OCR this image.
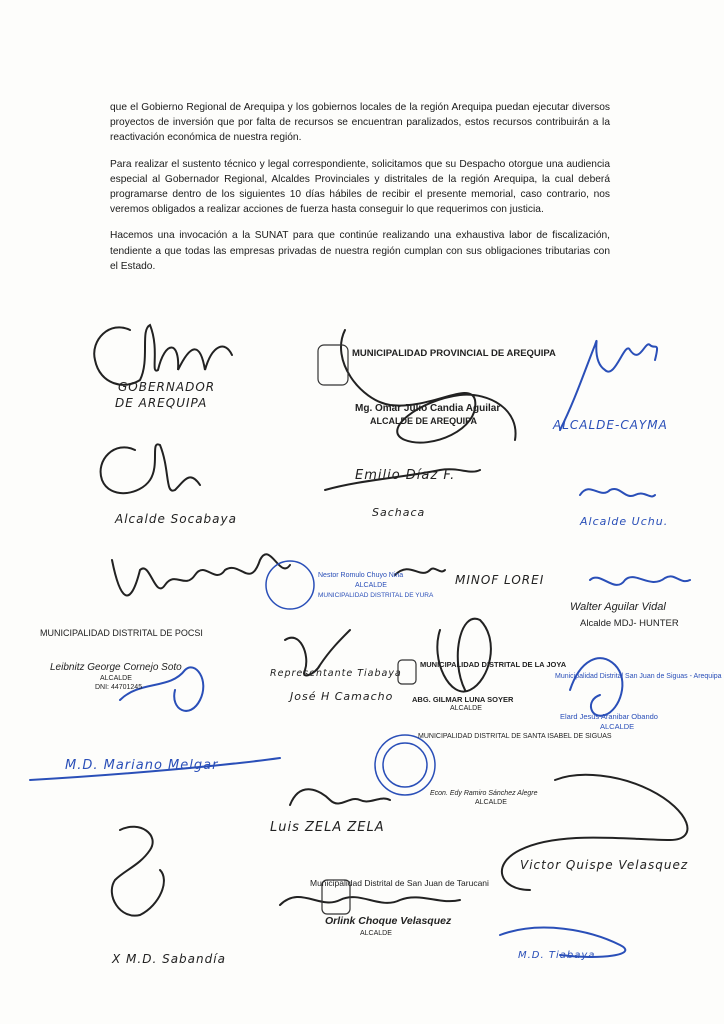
que el Gobierno Regional de Arequipa y los gobiernos locales de la región Arequipa puedan ejecutar diversos proyectos de inversión que por falta de recursos se encuentran paralizados, estos recursos contribuirán a la reactivación económica de nuestra región.

Para realizar el sustento técnico y legal correspondiente, solicitamos que su Despacho otorgue una audiencia especial al Gobernador Regional, Alcaldes Provinciales y distritales de la región Arequipa, la cual deberá programarse dentro de los siguientes 10 días hábiles de recibir el presente memorial, caso contrario, nos veremos obligados a realizar acciones de fuerza hasta conseguir lo que requerimos con justicia.

Hacemos una invocación a la SUNAT para que continúe realizando una exhaustiva labor de fiscalización, tendiente a que todas las empresas privadas de nuestra región cumplan con sus obligaciones tributarias con el Estado.

GOBERNADOR
DE AREQUIPA
MUNICIPALIDAD PROVINCIAL DE AREQUIPA
Mg. Omar Julio Candia Aguilar
ALCALDE DE AREQUIPA	ALCALDE-CAYMA
Alcalde Socabaya
Emilio Díaz F.
Sachaca
Alcalde Uchu.
MINOF LOREI
Nestor Romulo Chuyo Nina
ALCALDE
MUNICIPALIDAD DISTRITAL DE YURA
Walter Aguilar Vidal
Alcalde MDJ- HUNTER
MUNICIPALIDAD DISTRITAL DE POCSI
Leibnitz George Cornejo Soto
ALCALDE
DNI: 44701245
Representante Tiabaya
José H Camacho
MUNICIPALIDAD DISTRITAL DE LA JOYA
ABG. GILMAR LUNA SOYER
ALCALDE
Municipalidad Distrital San Juan de Siguas - Arequipa
Elard Jesús Aranibar Obando
ALCALDE
M.D. Mariano Melgar
MUNICIPALIDAD DISTRITAL DE SANTA ISABEL DE SIGUAS
Econ. Edy Ramiro Sánchez Alegre
ALCALDE
Luis ZELA ZELA
Victor Quispe Velasquez
Municipalidad Distrital de San Juan de Tarucani
Orlink Choque Velasquez
ALCALDE
X M.D. Sabandía	M.D. Tiabaya
